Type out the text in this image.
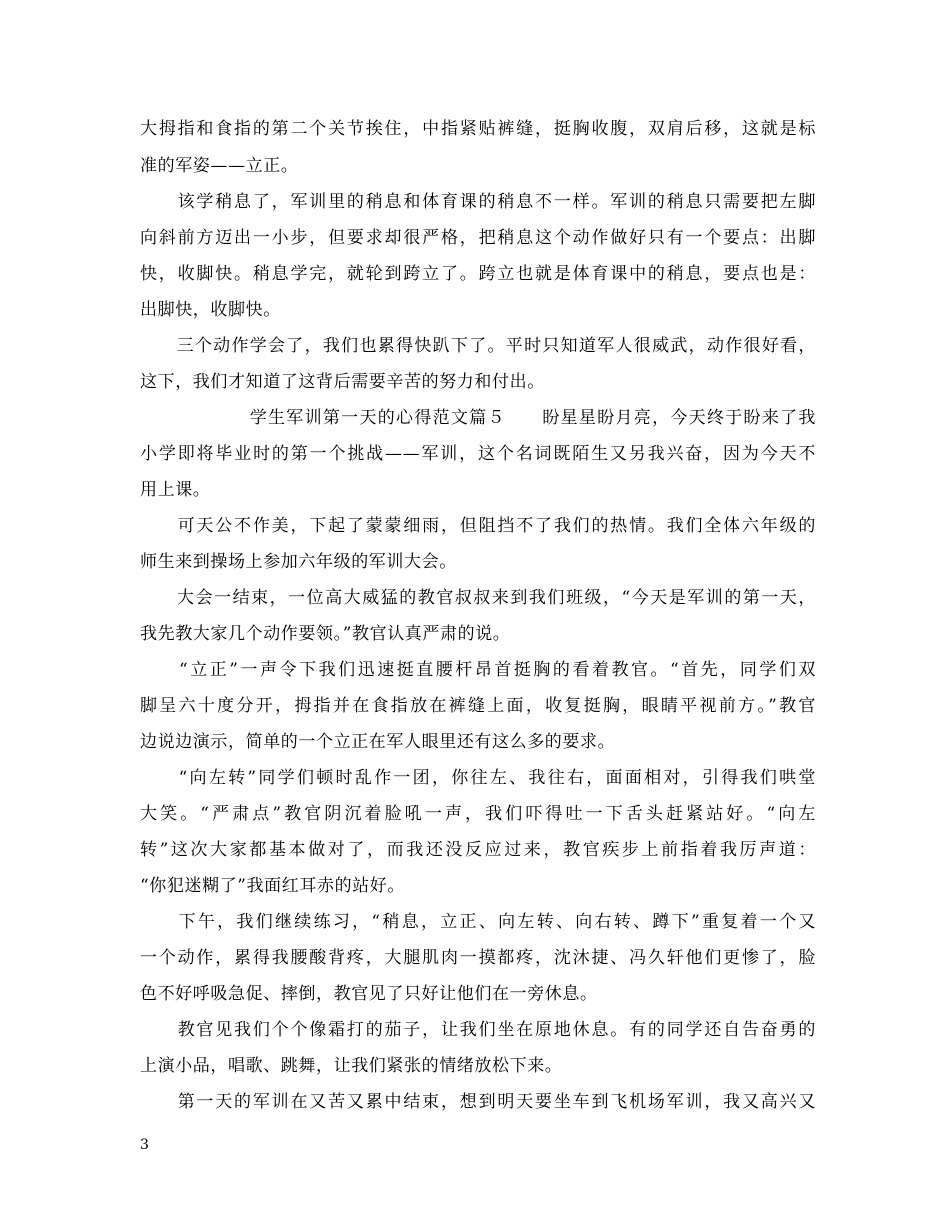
大拇指和食指的第二个关节挨住，中指紧贴裤缝，挺胸收腹，双肩后移，这就是标
准的军姿——立正。
　　该学稍息了，军训里的稍息和体育课的稍息不一样。军训的稍息只需要把左脚
向斜前方迈出一小步，但要求却很严格，把稍息这个动作做好只有一个要点：出脚
快，收脚快。稍息学完，就轮到跨立了。跨立也就是体育课中的稍息，要点也是：
出脚快，收脚快。
　　三个动作学会了，我们也累得快趴下了。平时只知道军人很威武，动作很好看，
这下，我们才知道了这背后需要辛苦的努力和付出。
　　　　　　学生军训第一天的心得范文篇５　　盼星星盼月亮，今天终于盼来了我
小学即将毕业时的第一个挑战——军训，这个名词既陌生又另我兴奋，因为今天不
用上课。
　　可天公不作美，下起了蒙蒙细雨，但阻挡不了我们的热情。我们全体六年级的
师生来到操场上参加六年级的军训大会。
　　大会一结束，一位高大威猛的教官叔叔来到我们班级，“今天是军训的第一天，
我先教大家几个动作要领。”教官认真严肃的说。
　　“立正”一声令下我们迅速挺直腰杆昂首挺胸的看着教官。“首先，同学们双
脚呈六十度分开，拇指并在食指放在裤缝上面，收复挺胸，眼睛平视前方。”教官
边说边演示，简单的一个立正在军人眼里还有这么多的要求。
　　“向左转”同学们顿时乱作一团，你往左、我往右，面面相对，引得我们哄堂
大笑。“严肃点”教官阴沉着脸吼一声，我们吓得吐一下舌头赶紧站好。“向左
转”这次大家都基本做对了，而我还没反应过来，教官疾步上前指着我厉声道：
“你犯迷糊了”我面红耳赤的站好。
　　下午，我们继续练习，“稍息，立正、向左转、向右转、蹲下”重复着一个又
一个动作，累得我腰酸背疼，大腿肌肉一摸都疼，沈沐捷、冯久轩他们更惨了，脸
色不好呼吸急促、摔倒，教官见了只好让他们在一旁休息。
　　教官见我们个个像霜打的茄子，让我们坐在原地休息。有的同学还自告奋勇的
上演小品，唱歌、跳舞，让我们紧张的情绪放松下来。
　　第一天的军训在又苦又累中结束，想到明天要坐车到飞机场军训，我又高兴又
3
